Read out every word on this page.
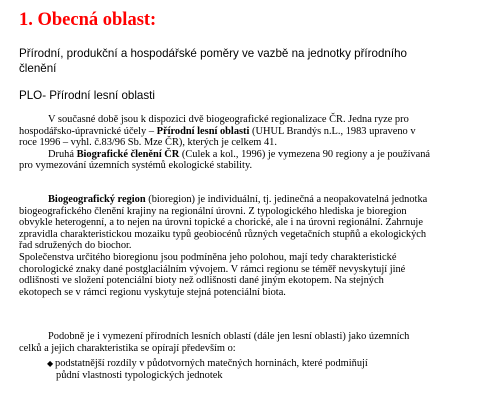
1. Obecná oblast:

Přírodní, produkční a hospodářské poměry ve vazbě na jednotky přírodního
členění

PLO- Přírodní lesní oblasti

V současné době jsou k dispozici dvě biogeografické regionalizace ČR. Jedna ryze pro
hospodářsko-úpravnické účely – Přírodní lesní oblasti (UHUL Brandýs n.L., 1983 upraveno v
roce 1996 – vyhl. č.83/96 Sb. Mze ČR), kterých je celkem 41.
Druhá Biografické členění ČR (Culek a kol., 1996) je vymezena 90 regiony a je používaná
pro vymezování územních systémů ekologické stability.
Biogeografický region (bioregion) je individuální, tj. jedinečná a neopakovatelná jednotka
biogeografického členění krajiny na regionální úrovni. Z typologického hlediska je bioregion
obvykle heterogenní, a to nejen na úrovni topické a chorické, ale i na úrovni regionální. Zahrnuje
zpravidla charakteristickou mozaiku typů geobiocénů různých vegetačních stupňů a ekologických
řad sdružených do biochor.
Společenstva určitého bioregionu jsou podmíněna jeho polohou, mají tedy charakteristické
chorologické znaky dané postglaciálním vývojem. V rámci regionu se téměř nevyskytují jiné
odlišnosti ve složení potenciální bioty než odlišnosti dané jiným ekotopem. Na stejných
ekotopech se v rámci regionu vyskytuje stejná potenciální biota.
Podobně je i vymezení přírodních lesních oblastí (dále jen lesní oblasti) jako územních
celků a jejich charakteristika se opírají především o:
◆ podstatnější rozdíly v půdotvorných matečných horninách, které podmiňují
půdní vlastnosti typologických jednotek
